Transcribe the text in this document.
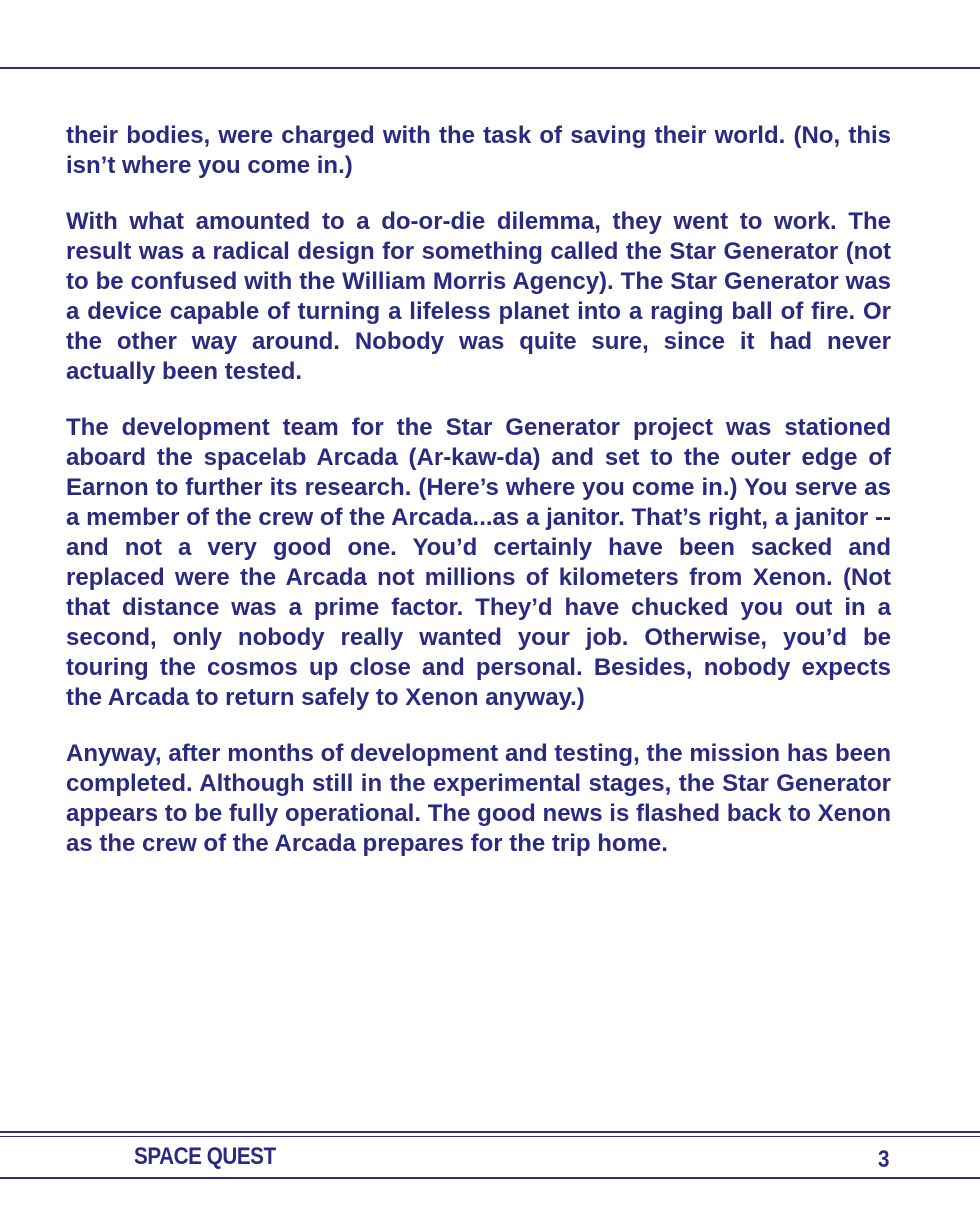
their bodies, were charged with the task of saving their world. (No, this isn’t where you come in.)

With what amounted to a do-or-die dilemma, they went to work. The result was a radical design for something called the Star Generator (not to be confused with the William Morris Agency). The Star Generator was a device capable of turning a lifeless planet into a raging ball of fire. Or the other way around. Nobody was quite sure, since it had never actually been tested.

The development team for the Star Generator project was stationed aboard the spacelab Arcada (Ar-kaw-da) and set to the outer edge of Earnon to further its research. (Here’s where you come in.) You serve as a member of the crew of the Arcada...as a janitor. That’s right, a janitor -- and not a very good one. You’d certainly have been sacked and replaced were the Arcada not millions of kilometers from Xenon. (Not that distance was a prime factor. They’d have chucked you out in a second, only nobody really wanted your job. Otherwise, you’d be touring the cosmos up close and personal. Besides, nobody expects the Arcada to return safely to Xenon anyway.)

Anyway, after months of development and testing, the mission has been completed. Although still in the experimental stages, the Star Generator appears to be fully operational. The good news is flashed back to Xenon as the crew of the Arcada prepares for the trip home.

SPACE QUEST	3
